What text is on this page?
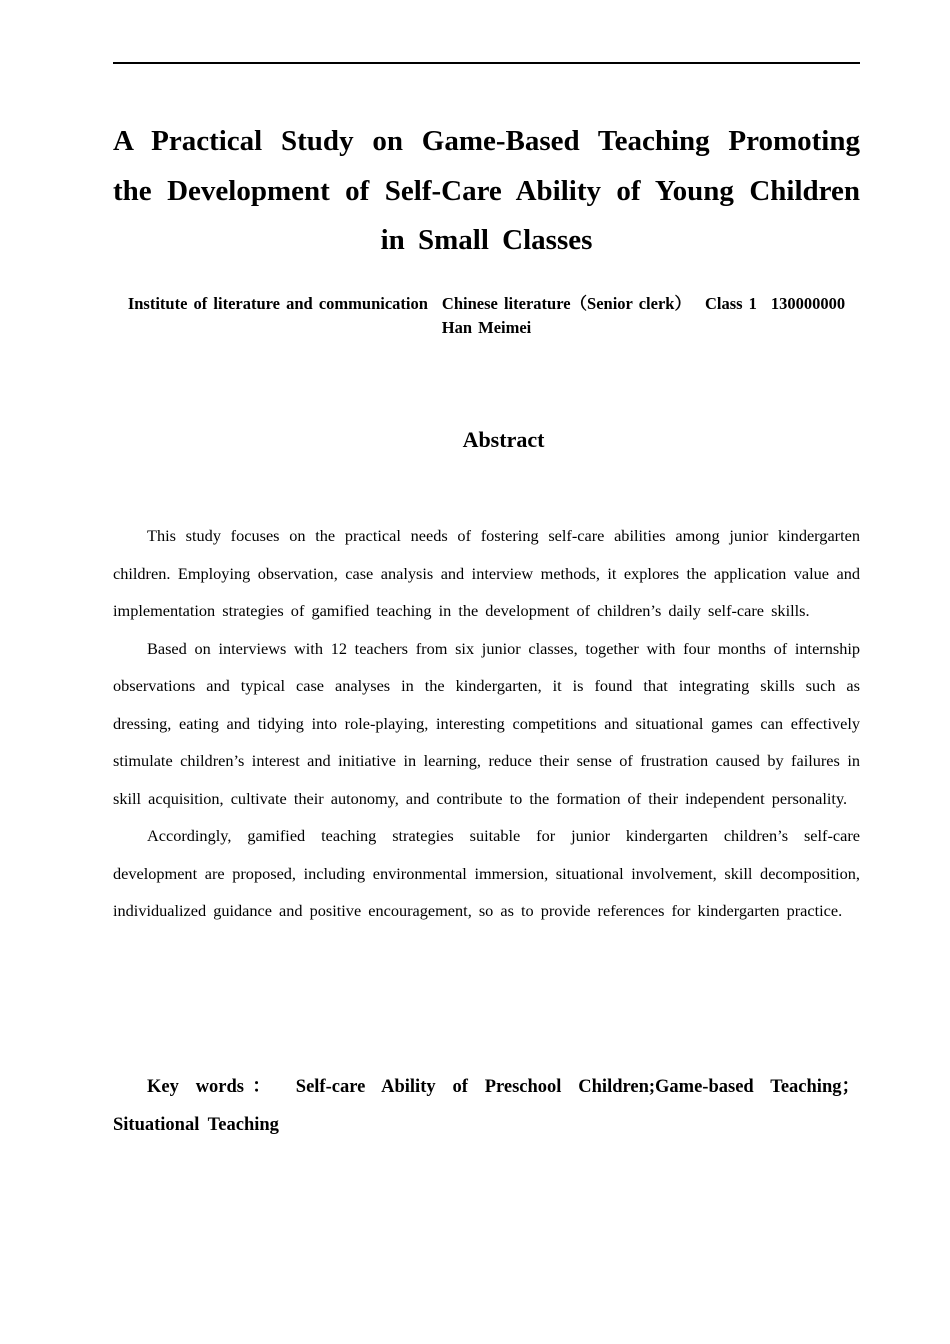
A Practical Study on Game-Based Teaching Promoting
the Development of Self-Care Ability of Young Children
in Small Classes
Institute of literature and communication Chinese literature（Senior clerk） Class 1 130000000
Han Meimei
Abstract

This study focuses on the practical needs of fostering self-care abilities among junior kindergarten children. Employing observation, case analysis and interview methods, it explores the application value and implementation strategies of gamified teaching in the development of children’s daily self-care skills.

Based on interviews with 12 teachers from six junior classes, together with four months of internship observations and typical case analyses in the kindergarten, it is found that integrating skills such as dressing, eating and tidying into role-playing, interesting competitions and situational games can effectively stimulate children’s interest and initiative in learning, reduce their sense of frustration caused by failures in skill acquisition, cultivate their autonomy, and contribute to the formation of their independent personality.

Accordingly, gamified teaching strategies suitable for junior kindergarten children’s self-care development are proposed, including environmental immersion, situational involvement, skill decomposition, individualized guidance and positive encouragement, so as to provide references for kindergarten practice.

Key words： Self-care Ability of Preschool Children;Game-based Teaching；Situational Teaching
